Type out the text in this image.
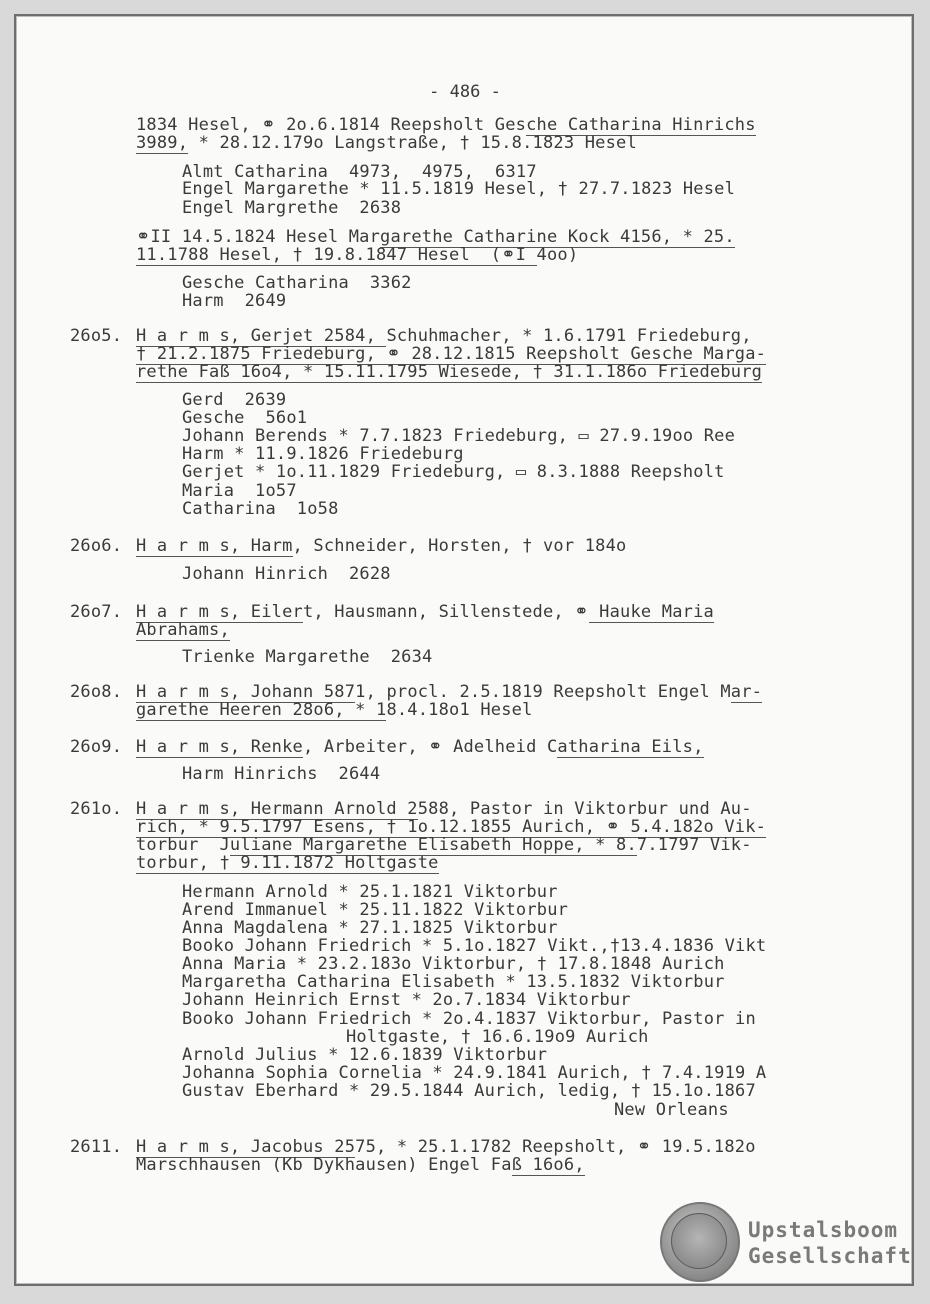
- 486 -
1834 Hesel, ⚭ 2o.6.1814 Reepsholt Gesche Catharina Hinrichs
3989, * 28.12.179o Langstraße, † 15.8.1823 Hesel
Almt Catharina  4973,  4975,  6317
Engel Margarethe * 11.5.1819 Hesel, † 27.7.1823 Hesel
Engel Margrethe  2638
⚭II 14.5.1824 Hesel Margarethe Catharine Kock 4156, * 25.
11.1788 Hesel, † 19.8.1847 Hesel  (⚭I 4oo)
Gesche Catharina  3362
Harm  2649
26o5. H a r m s, Gerjet 2584, Schuhmacher, * 1.6.1791 Friedeburg,
† 21.2.1875 Friedeburg, ⚭ 28.12.1815 Reepsholt Gesche Marga-
rethe Faß 16o4, * 15.11.1795 Wiesede, † 31.1.186o Friedeburg
Gerd  2639
Gesche  56o1
Johann Berends * 7.7.1823 Friedeburg, ▭ 27.9.19oo Ree
Harm * 11.9.1826 Friedeburg
Gerjet * 1o.11.1829 Friedeburg, ▭ 8.3.1888 Reepsholt
Maria  1o57
Catharina  1o58
26o6. H a r m s, Harm, Schneider, Horsten, † vor 184o
Johann Hinrich  2628
26o7. H a r m s, Eilert, Hausmann, Sillenstede, ⚭ Hauke Maria
Abrahams,
Trienke Margarethe  2634
26o8. H a r m s, Johann 5871, procl. 2.5.1819 Reepsholt Engel Mar-
garethe Heeren 28o6, * 18.4.18o1 Hesel
26o9. H a r m s, Renke, Arbeiter, ⚭ Adelheid Catharina Eils,
Harm Hinrichs  2644
261o. H a r m s, Hermann Arnold 2588, Pastor in Viktorbur und Au-
rich, * 9.5.1797 Esens, † 1o.12.1855 Aurich, ⚭ 5.4.182o Vik-
torbur  Juliane Margarethe Elisabeth Hoppe, * 8.7.1797 Vik-
torbur, † 9.11.1872 Holtgaste
Hermann Arnold * 25.1.1821 Viktorbur
Arend Immanuel * 25.11.1822 Viktorbur
Anna Magdalena * 27.1.1825 Viktorbur
Booko Johann Friedrich * 5.1o.1827 Vikt.,†13.4.1836 Vikt
Anna Maria * 23.2.183o Viktorbur, † 17.8.1848 Aurich
Margaretha Catharina Elisabeth * 13.5.1832 Viktorbur
Johann Heinrich Ernst * 2o.7.1834 Viktorbur
Booko Johann Friedrich * 2o.4.1837 Viktorbur, Pastor in
Holtgaste, † 16.6.19o9 Aurich
Arnold Julius * 12.6.1839 Viktorbur
Johanna Sophia Cornelia * 24.9.1841 Aurich, † 7.4.1919 A
Gustav Eberhard * 29.5.1844 Aurich, ledig, † 15.1o.1867
New Orleans
2611. H a r m s, Jacobus 2575, * 25.1.1782 Reepsholt, ⚭ 19.5.182o
Marschhausen (Kb Dykhausen) Engel Faß 16o6,
Upstalsboom
Gesellschaft
